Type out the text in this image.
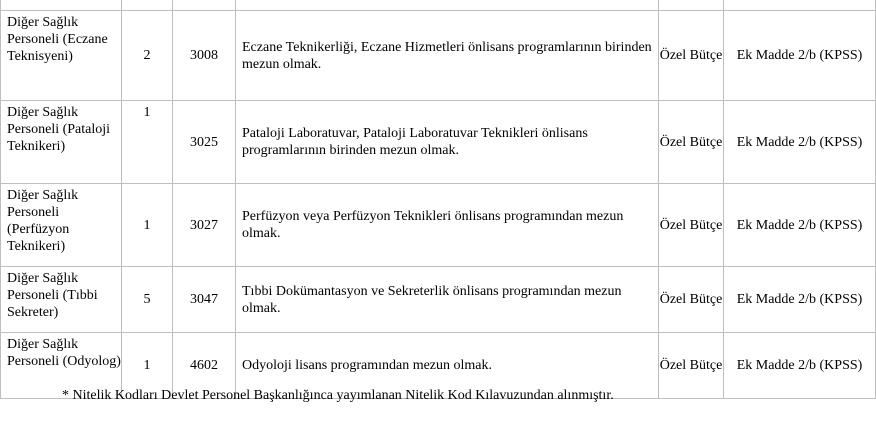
Diğer Sağlık Personeli (Eczane Teknisyeni)	2	3008	Eczane Teknikerliği, Eczane Hizmetleri önlisans programlarının birinden mezun olmak.	Özel Bütçe	Ek Madde 2/b (KPSS)
Diğer Sağlık Personeli (Pataloji Teknikeri)	1	3025	Pataloji Laboratuvar, Pataloji Laboratuvar Teknikleri önlisans programlarının birinden mezun olmak.	Özel Bütçe	Ek Madde 2/b (KPSS)
Diğer Sağlık Personeli (Perfüzyon Teknikeri)	1	3027	Perfüzyon veya Perfüzyon Teknikleri önlisans programından mezun olmak.	Özel Bütçe	Ek Madde 2/b (KPSS)
Diğer Sağlık Personeli (Tıbbi Sekreter)	5	3047	Tıbbi Dokümantasyon ve Sekreterlik önlisans programından mezun olmak.	Özel Bütçe	Ek Madde 2/b (KPSS)
Diğer Sağlık Personeli (Odyolog)	1	4602	Odyoloji lisans programından mezun olmak.	Özel Bütçe	Ek Madde 2/b (KPSS)
* Nitelik Kodları Devlet Personel Başkanlığınca yayımlanan Nitelik Kod Kılavuzundan alınmıştır.
